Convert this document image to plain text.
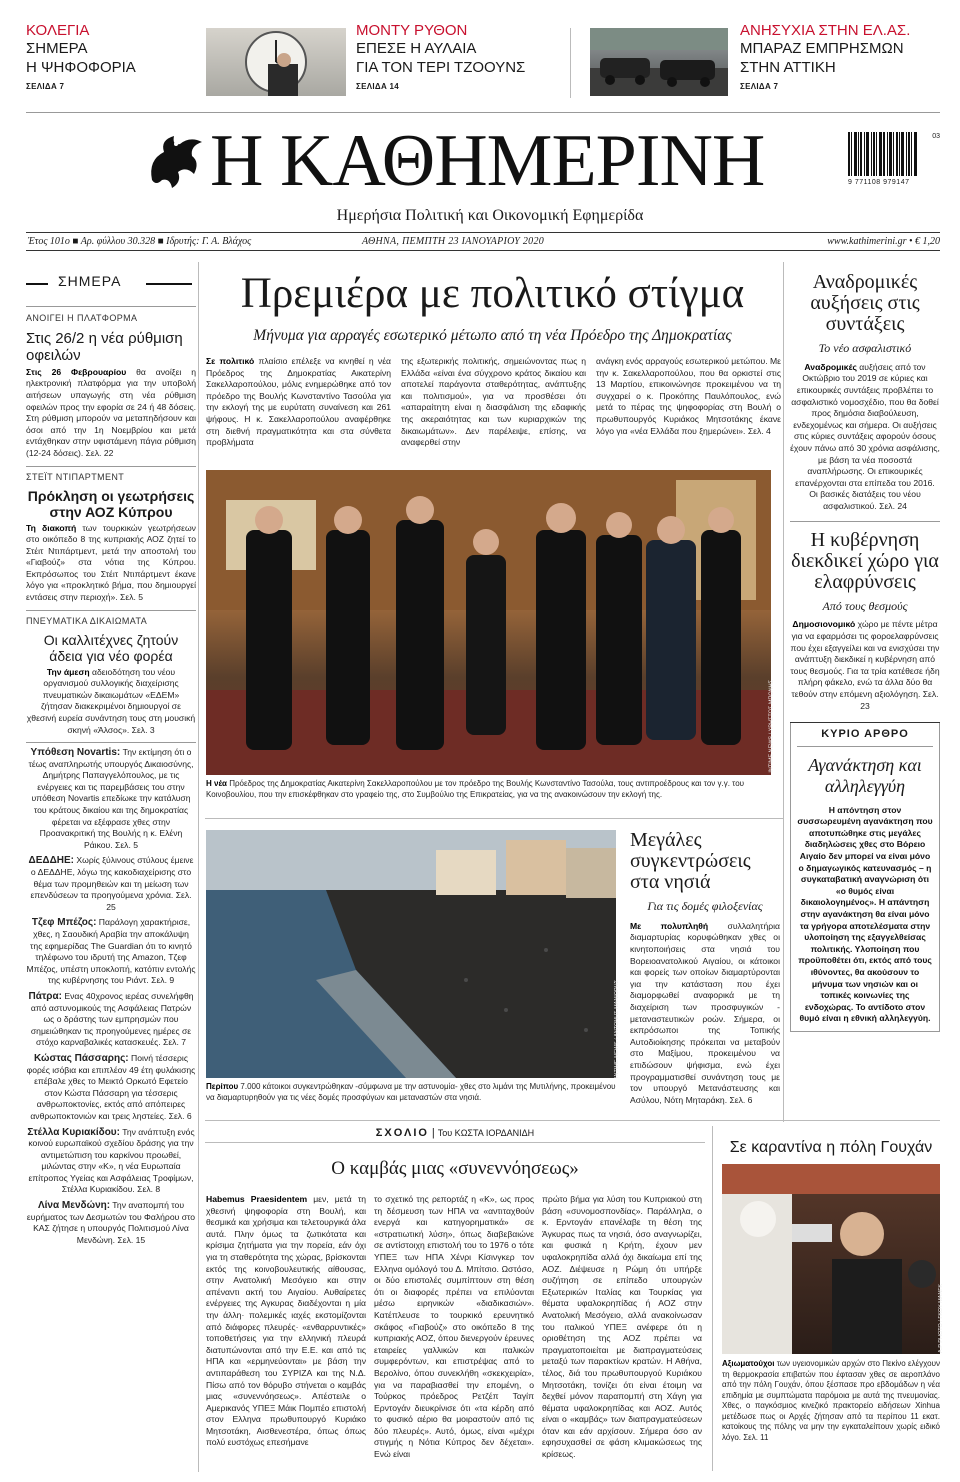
ΚΟΛΕΓΙΑ
ΣΗΜΕΡΑ
Η ΨΗΦΟΦΟΡΙΑ
ΣΕΛΙΔΑ 7
ΜΟΝΤΥ ΡΥΘΟΝ
ΕΠΕΣΕ Η ΑΥΛΑΙΑ
ΓΙΑ ΤΟΝ ΤΕΡΙ ΤΖΟΟΥΝΣ
ΣΕΛΙΔΑ 14
ΑΝΗΣΥΧΙΑ ΣΤΗΝ ΕΛ.ΑΣ.
ΜΠΑΡΑΖ ΕΜΠΡΗΣΜΩΝ
ΣΤΗΝ ΑΤΤΙΚΗ
ΣΕΛΙΔΑ 7
Η ΚΑΘΗΜΕΡΙΝΗ
Ημερήσια Πολιτική και Οικονομική Εφημερίδα
9 771108 979147
03
Έτος 101ο ■ Αρ. φύλλου 30.328 ■ Ιδρυτής: Γ. Α. Βλάχος	ΑΘΗΝΑ, ΠΕΜΠΤΗ 23 ΙΑΝΟΥΑΡΙΟΥ 2020	www.kathimerini.gr • € 1,20
ΣΗΜΕΡΑ
ΑΝΟΙΓΕΙ Η ΠΛΑΤΦΟΡΜΑ
Στις 26/2 η νέα ρύθμιση οφειλών
Στις 26 Φεβρουαρίου θα ανοίξει η ηλεκτρονική πλατφόρμα για την υποβολή αιτήσεων υπαγωγής στη νέα ρύθμιση οφειλών προς την εφορία σε 24 ή 48 δόσεις. Στη ρύθμιση μπορούν να μεταπηδήσουν και όσοι από την 1η Νοεμβρίου και μετά εντάχθηκαν στην υφιστάμενη πάγια ρύθμιση (12-24 δόσεις). Σελ. 22
ΣΤΕΪΤ ΝΤΙΠΑΡΤΜΕΝΤ
Πρόκληση οι γεωτρήσεις στην ΑΟΖ Κύπρου
Τη διακοπή των τουρκικών γεωτρήσεων στο οικόπεδο 8 της κυπριακής ΑΟΖ ζητεί το Στέιτ Ντιπάρτμεντ, μετά την αποστολή του «Γιαβούζ» στα νότια της Κύπρου. Εκπρόσωπος του Στέιτ Ντιπάρτμεντ έκανε λόγο για «προκλητικό βήμα, που δημιουργεί εντάσεις στην περιοχή». Σελ. 5
ΠΝΕΥΜΑΤΙΚΑ ΔΙΚΑΙΩΜΑΤΑ
Οι καλλιτέχνες ζητούν άδεια για νέο φορέα
Την άμεση αδειοδότηση του νέου οργανισμού συλλογικής διαχείρισης πνευματικών δικαιωμάτων «ΕΔΕΜ» ζήτησαν διακεκριμένοι δημιουργοί σε χθεσινή ευρεία συνάντηση τους στη μουσική σκηνή «Άλσος». Σελ. 3
Υπόθεση Novartis: Την εκτίμηση ότι ο τέως αναπληρωτής υπουργός Δικαιοσύνης, Δημήτρης Παπαγγελόπουλος, με τις ενέργειες και τις παρεμβάσεις του στην υπόθεση Novartis επεδίωκε την κατάλυση του κράτους δικαίου και της δημοκρατίας φέρεται να εξέφρασε χθες στην Προανακριτική της Βουλής η κ. Ελένη Ράικου. Σελ. 5
ΔΕΔΔΗΕ: Χωρίς ξύλινους στύλους έμεινε ο ΔΕΔΔΗΕ, λόγω της κακοδιαχείρισης στο θέμα των προμηθειών και τη μείωση των επενδύσεων τα προηγούμενα χρόνια. Σελ. 25
Τζεφ Μπέζος: Παράλογη χαρακτήρισε, χθες, η Σαουδική Αραβία την αποκάλυψη της εφημερίδας The Guardian ότι το κινητό τηλέφωνο του ιδρυτή της Amazon, Τζεφ Μπέζος, υπέστη υποκλοπή, κατόπιν εντολής της κυβέρνησης του Ριάντ. Σελ. 9
Πάτρα: Ενας 40χρονος ιερέας συνελήφθη από αστυνομικούς της Ασφάλειας Πατρών ως ο δράστης των εμπρησμών που σημειώθηκαν τις προηγούμενες ημέρες σε στόχο καρναβαλικές κατασκευές. Σελ. 7
Κώστας Πάσσαρης: Ποινή τέσσερις φορές ισόβια και επιπλέον 49 έτη φυλάκισης επέβαλε χθες το Μεικτό Ορκωτό Εφετείο στον Κώστα Πάσσαρη για τέσσερις ανθρωποκτονίες, εκτός από απόπειρες ανθρωποκτονιών και τρεις ληστείες. Σελ. 6
Στέλλα Κυριακίδου: Την ανάπτυξη ενός κοινού ευρωπαϊκού σχεδίου δράσης για την αντιμετώπιση του καρκίνου προωθεί, μιλώντας στην «Κ», η νέα Ευρωπαία επίτροπος Υγείας και Ασφάλειας Τροφίμων, Στέλλα Κυριακίδου. Σελ. 8
Λίνα Μενδώνη: Την αναπομπή του ευρήματος των Δεσμωτών του Φαλήρου στο ΚΑΣ ζήτησε η υπουργός Πολιτισμού Λίνα Μενδώνη. Σελ. 15
Πρεμιέρα με πολιτικό στίγμα
Μήνυμα για αρραγές εσωτερικό μέτωπο από τη νέα Πρόεδρο της Δημοκρατίας
Σε πολιτικό πλαίσιο επέλεξε να κινηθεί η νέα Πρόεδρος της Δημοκρατίας Αικατερίνη Σακελλαροπούλου, μόλις ενημερώθηκε από τον πρόεδρο της Βουλής Κωνσταντίνο Τασούλα για την εκλογή της με ευρύτατη συναίνεση και 261 ψήφους. Η κ. Σακελλαροπούλου αναφέρθηκε στη διεθνή πραγματικότητα και στα σύνθετα προβλήματα
της εξωτερικής πολιτικής, σημειώνοντας πως η Ελλάδα «είναι ένα σύγχρονο κράτος δικαίου και αποτελεί παράγοντα σταθερότητας, ανάπτυξης και πολιτισμού», για να προσθέσει ότι «απαραίτητη είναι η διασφάλιση της εδαφικής της ακεραιότητας και των κυριαρχικών της δικαιωμάτων». Δεν παρέλειψε, επίσης, να αναφερθεί στην
ανάγκη ενός αρραγούς εσωτερικού μετώπου. Με την κ. Σακελλαροπούλου, που θα ορκιστεί στις 13 Μαρτίου, επικοινώνησε προκειμένου να τη συγχαρεί ο κ. Προκόπης Παυλόπουλος, ενώ μετά το πέρας της ψηφοφορίας στη Βουλή ο πρωθυπουργός Κυριάκος Μητσοτάκης έκανε λόγο για «νέα Ελλάδα που ξημερώνει». Σελ. 4
INTIME NEWS / ΧΡΗΣΤΟΣ ΜΠΟΝΗΣ
Η νέα Πρόεδρος της Δημοκρατίας Αικατερίνη Σακελλαροπούλου με τον πρόεδρο της Βουλής Κωνσταντίνο Τασούλα, τους αντιπροέδρους και τον γ.γ. του Κοινοβουλίου, που την επισκέφθηκαν στο γραφείο της, στο Συμβούλιο της Επικρατείας, για να της ανακοινώσουν την εκλογή της.
Αναδρομικές αυξήσεις στις συντάξεις
Το νέο ασφαλιστικό
Αναδρομικές αυξήσεις από τον Οκτώβριο του 2019 σε κύριες και επικουρικές συντάξεις προβλέπει το ασφαλιστικό νομοσχέδιο, που θα δοθεί προς δημόσια διαβούλευση, ενδεχομένως και σήμερα. Οι αυξήσεις στις κύριες συντάξεις αφορούν όσους έχουν πάνω από 30 χρόνια ασφάλισης, με βάση τα νέα ποσοστά αναπλήρωσης. Οι επικουρικές επανέρχονται στα επίπεδα του 2016. Οι βασικές διατάξεις του νέου ασφαλιστικού. Σελ. 24
Η κυβέρνηση διεκδικεί χώρο για ελαφρύνσεις
Από τους θεσμούς
Δημοσιονομικό χώρο με πέντε μέτρα για να εφαρμόσει τις φοροελαφρύνσεις που έχει εξαγγείλει και να ενισχύσει την ανάπτυξη διεκδικεί η κυβέρνηση από τους θεσμούς. Για τα τρία κατέθεσε ήδη πλήρη φάκελο, ενώ τα άλλα δύο θα τεθούν στην επόμενη αξιολόγηση. Σελ. 23
ΚΥΡΙΟ ΑΡΘΡΟ
Αγανάκτηση και αλληλεγγύη
Η απόντηση στον συσσωρευμένη αγανάκτηση που αποτυπώθηκε στις μεγάλες διαδηλώσεις χθες στο Βόρειο Αιγαίο δεν μπορεί να είναι μόνο ο δημαγωγικός κατευνασμός – η συγκαταβατική αναγνώριση ότι «ο θυμός είναι δικαιολογημένος». Η απάντηση στην αγανάκτηση θα είναι μόνο τα γρήγορα αποτελέσματα στην υλοποίηση της εξαγγελθείσας πολιτικής. Υλοποίηση που προϋποθέτει ότι, εκτός από τους ιθύνοντες, θα ακούσουν το μήνυμα των νησιών και οι τοπικές κοινωνίες της ενδοχώρας. Το αντίδοτο στον θυμό είναι η εθνική αλληλεγγύη.
INTIME NEWS / ΑΝΤΩΝΗΣ ΜΑΝΙΩΡΗΣ
Μεγάλες συγκεντρώσεις στα νησιά
Για τις δομές φιλοξενίας
Με πολυπληθή συλλαλητήρια διαμαρτυρίας κορυφώθηκαν χθες οι κινητοποιήσεις στα νησιά του Βορειοανατολικού Αιγαίου, οι κάτοικοι και φορείς των οποίων διαμαρτύρονται για την κατάσταση που έχει διαμορφωθεί αναφορικά με τη διαχείριση των προσφυγικών - μεταναστευτικών ροών. Σήμερα, οι εκπρόσωποι της Τοπικής Αυτοδιοίκησης πρόκειται να μεταβούν στο Μαξίμου, προκειμένου να επιδώσουν ψήφισμα, ενώ έχει προγραμματισθεί συνάντηση τους με τον υπουργό Μετανάστευσης και Ασύλου, Νότη Μηταράκη. Σελ. 6
Περίπου 7.000 κάτοικοι συγκεντρώθηκαν -σύμφωνα με την αστυνομία- χθες στο λιμάνι της Μυτιλήνης, προκειμένου να διαμαρτυρηθούν για τις νέες δομές προσφύγων και μεταναστών στα νησιά.
ΣΧΟΛΙΟ | Του ΚΩΣΤΑ ΙΟΡΔΑΝΙΔΗ
Ο καμβάς μιας «συνεννόησεως»
Habemus Praesidentem μεν, μετά τη χθεσινή ψηφοφορία στη Βουλή, και θεσμικά και χρήσιμα και τελετουργικά άλα αυτά. Πλην όμως τα ζωτικότατα και κρίσιμα ζητήματα για την πορεία, εάν όχι για τη σταθερότητα της χώρας, βρίσκονται εκτός της κοινοβουλευτικής αίθουσας, στην Ανατολική Μεσόγειο και στην απέναντι ακτή του Αιγαίου. Αυθαίρετες ενέργειες της Αγκυρας διαδέχονται η μία την άλλη· πολεμικές ιαχές εκστομίζονται από διάφορες πλευρές· «ενθαρρυντικές» τοποθετήσεις για την ελληνική πλευρά διατυπώνονται από την Ε.Ε. και από τις ΗΠΑ και «ερμηνεύονται» με βάση την αντιπαράθεση του ΣΥΡΙΖΑ και της Ν.Δ. Πίσω από τον θόρυβο στήνεται ο καμβάς μιας «συνεννόησεως». Απέστειλε ο Αμερικανός ΥΠΕΞ Μάικ Πομπέο επιστολή στον Ελληνα πρωθυπουργό Κυριάκο Μητσοτάκη, Αισθενεστέρα, όπως όπως πολύ ευστόχως επεσήμανε
το σχετικό της ρεπορτάζ η «Κ», ως προς τη δέσμευση των ΗΠΑ να «αντιταχθούν ενεργά και κατηγορηματικά» σε «στρατιωτική λύση», όπως διαβεβαιώνε σε αντίστοιχη επιστολή του το 1976 ο τότε ΥΠΕΞ των ΗΠΑ Χένρι Κίσινγκερ τον Ελληνα ομόλογό του Δ. Μπίτσιο. Ωστόσο, οι δύο επιστολές συμπίπτουν στη θέση ότι οι διαφορές πρέπει να επιλύονται μέσω ειρηνικών «διαδικασιών». Κατέπλευσε το τουρκικό ερευνητικό σκάφος «Γιαβούζ» στο οικόπεδο 8 της κυπριακής ΑΟΖ, όπου διενεργούν έρευνες εταιρείες γαλλικών και ιταλικών συμφερόντων, και επιστρέψας από το Βερολίνο, όπου συνεκλήθη «σκεκχειρία», για να παραβιασθεί την επομένη, ο Τούρκος πρόεδρος Ρετζέπ Ταγίπ Ερντογάν διευκρίνισε ότι «τα κέρδη από το φυσικό αέριο θα μοιραστούν από τις δύο πλευρές». Αυτό, όμως, είναι «μέχρι στιγμής η Νότια Κύπρος δεν δέχεται». Ενώ είναι
πρώτο βήμα για λύση του Κυπριακού στη βάση «συνομοσπονδίας». Παράλληλα, ο κ. Ερντογάν επανέλαβε τη θέση της Άγκυρας πως τα νησιά, όσο αναγνωρίζει, και φυσικά η Κρήτη, έχουν μεν υφαλοκρηπίδα αλλά όχι δικαίωμα επί της ΑΟΖ. Διέψευσε η Ρώμη ότι υπήρξε συζήτηση σε επίπεδο υπουργών Εξωτερικών Ιταλίας και Τουρκίας για θέματα υφαλοκρηπίδας ή ΑΟΖ στην Ανατολική Μεσόγειο, αλλά ανακοίνωσαν του ιταλικού ΥΠΕΞ ανέφερε ότι η οριοθέτηση της ΑΟΖ πρέπει να πραγματοποιείται με διαπραγματεύσεις μεταξύ των παρακτίων κρατών. Η Αθήνα, τέλος, διά του πρωθυπουργού Κυριάκου Μητσοτάκη, τονίζει ότι είναι έτοιμη να δεχθεί μόνον παραπομπή στη Χάγη για θέματα υφαλοκρηπίδας και ΑΟΖ. Αυτός είναι ο «καμβάς» των διαπραγματεύσεων όταν και εάν αρχίσουν. Σήμερα όσο αν εφησυχασθεί σε φάση κλιμακώσεως της κρίσεως.
Σε καραντίνα η πόλη Γουχάν
A.P PHOTO / ΓΚΟΥ ΜΑΝΓΚ
Αξιωματούχοι των υγειονομικών αρχών στο Πεκίνο ελέγχουν τη θερμοκρασία επιβατών που έφτασαν χθες σε αεροπλάνο από την πόλη Γουχάν, όπου ξέσπασε προ εβδομάδων η νέα επιδημία με συμπτώματα παρόμοια με αυτά της πνευμονίας. Χθες, ο παγκόσμιος κινεζικό πρακτορείο ειδήσεων Xinhua μετέδωσε πως οι Αρχές ζήτησαν από τα περίπου 11 εκατ. κατοίκους της πόλης να μην την εγκαταλείπουν χωρίς ειδικό λόγο. Σελ. 11
